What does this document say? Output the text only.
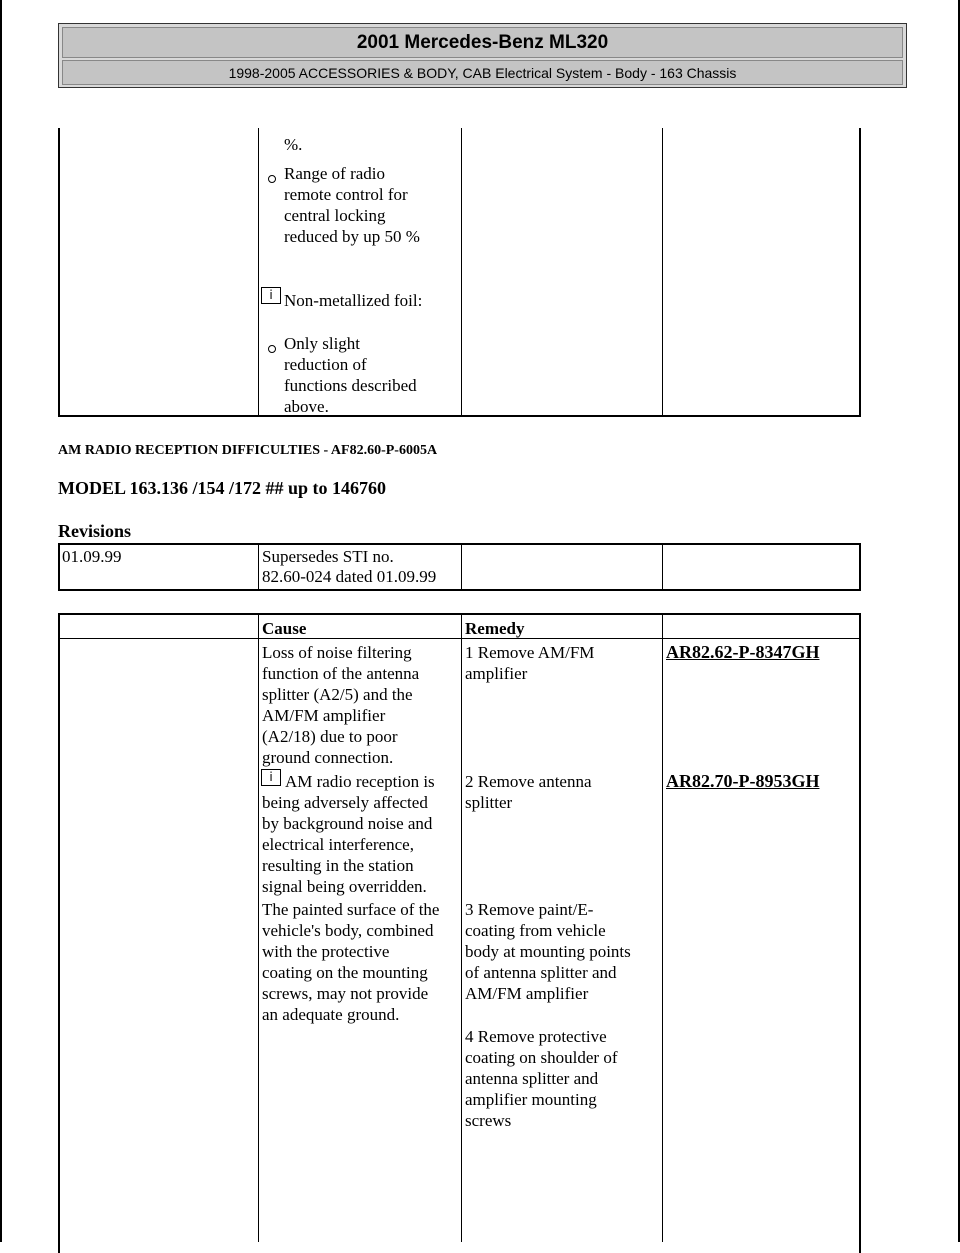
2001 Mercedes-Benz ML320
1998-2005 ACCESSORIES & BODY, CAB Electrical System - Body - 163 Chassis
%.
Range of radio
remote control for
central locking
reduced by up 50 %
i Non-metallized foil:
Only slight
reduction of
functions described
above.
AM RADIO RECEPTION DIFFICULTIES - AF82.60-P-6005A
MODEL 163.136 /154 /172 ## up to 146760
Revisions
01.09.99	Supersedes STI no.
82.60-024 dated 01.09.99
Cause	Remedy
Loss of noise filtering
function of the antenna
splitter (A2/5) and the
AM/FM amplifier
(A2/18) due to poor
ground connection.
i AM radio reception is
being adversely affected
by background noise and
electrical interference,
resulting in the station
signal being overridden.
The painted surface of the
vehicle's body, combined
with the protective
coating on the mounting
screws, may not provide
an adequate ground.
1 Remove AM/FM
amplifier
2 Remove antenna
splitter
3 Remove paint/E-
coating from vehicle
body at mounting points
of antenna splitter and
AM/FM amplifier
4 Remove protective
coating on shoulder of
antenna splitter and
amplifier mounting
screws
AR82.62-P-8347GH
AR82.70-P-8953GH
